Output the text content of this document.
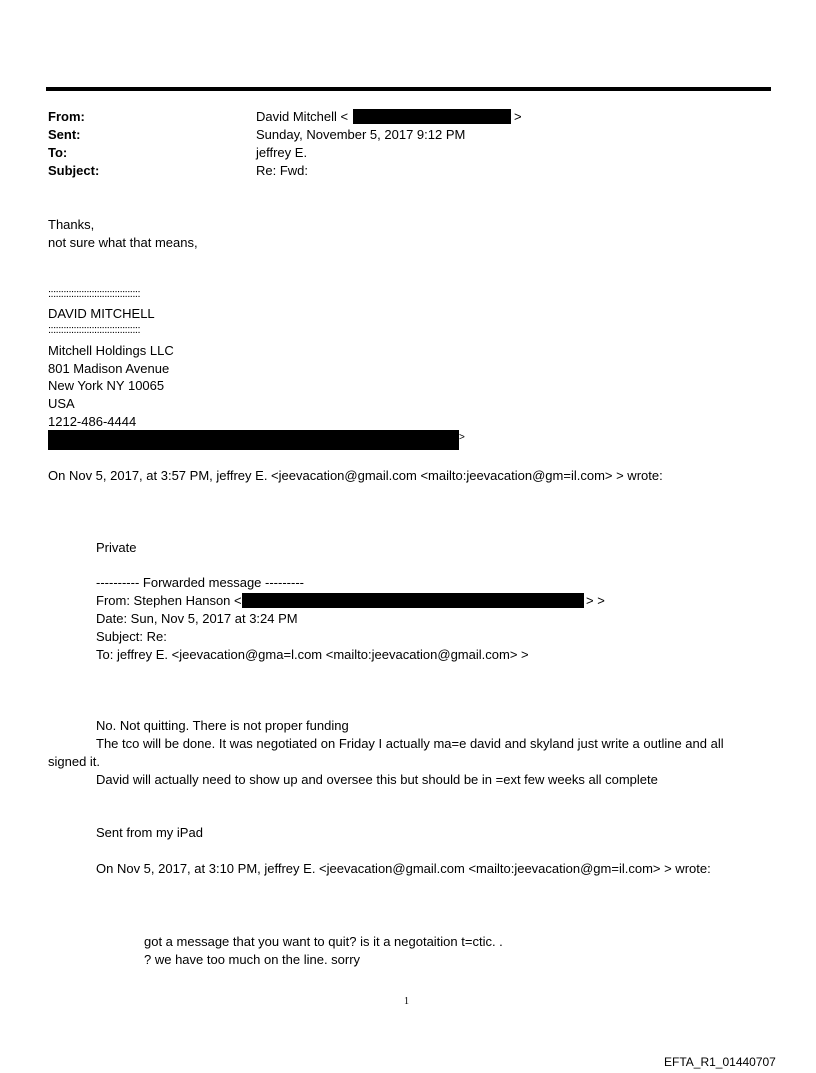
From:
Sent:
To:
Subject:
David Mitchell <	>
Sunday, November 5, 2017 9:12 PM
jeffrey E.
Re: Fwd:
Thanks,
not sure what that means,
::::::::::::::::::::::::::::::::::::
DAVID MITCHELL
::::::::::::::::::::::::::::::::::::
Mitchell Holdings LLC
801 Madison Avenue
New York NY 10065
USA
1212-486-4444
>
On Nov 5, 2017, at 3:57 PM, jeffrey E. <jeevacation@gmail.com <mailto:jeevacation@gm=il.com> > wrote:
Private
---------- Forwarded message ---------
From: Stephen Hanson <	> >
Date: Sun, Nov 5, 2017 at 3:24 PM
Subject: Re:
To: jeffrey E. <jeevacation@gma=l.com <mailto:jeevacation@gmail.com> >
No. Not quitting. There is not proper funding
The tco will be done. It was negotiated on Friday I actually ma=e david and skyland just write a outline and all
signed it.
David will actually need to show up and oversee this but should be in =ext few weeks all complete
Sent from my iPad
On Nov 5, 2017, at 3:10 PM, jeffrey E. <jeevacation@gmail.com <mailto:jeevacation@gm=il.com> > wrote:
got a message that you want to quit? is it a negotaition t=ctic. .
? we have too much on the line. sorry
1
EFTA_R1_01440707
